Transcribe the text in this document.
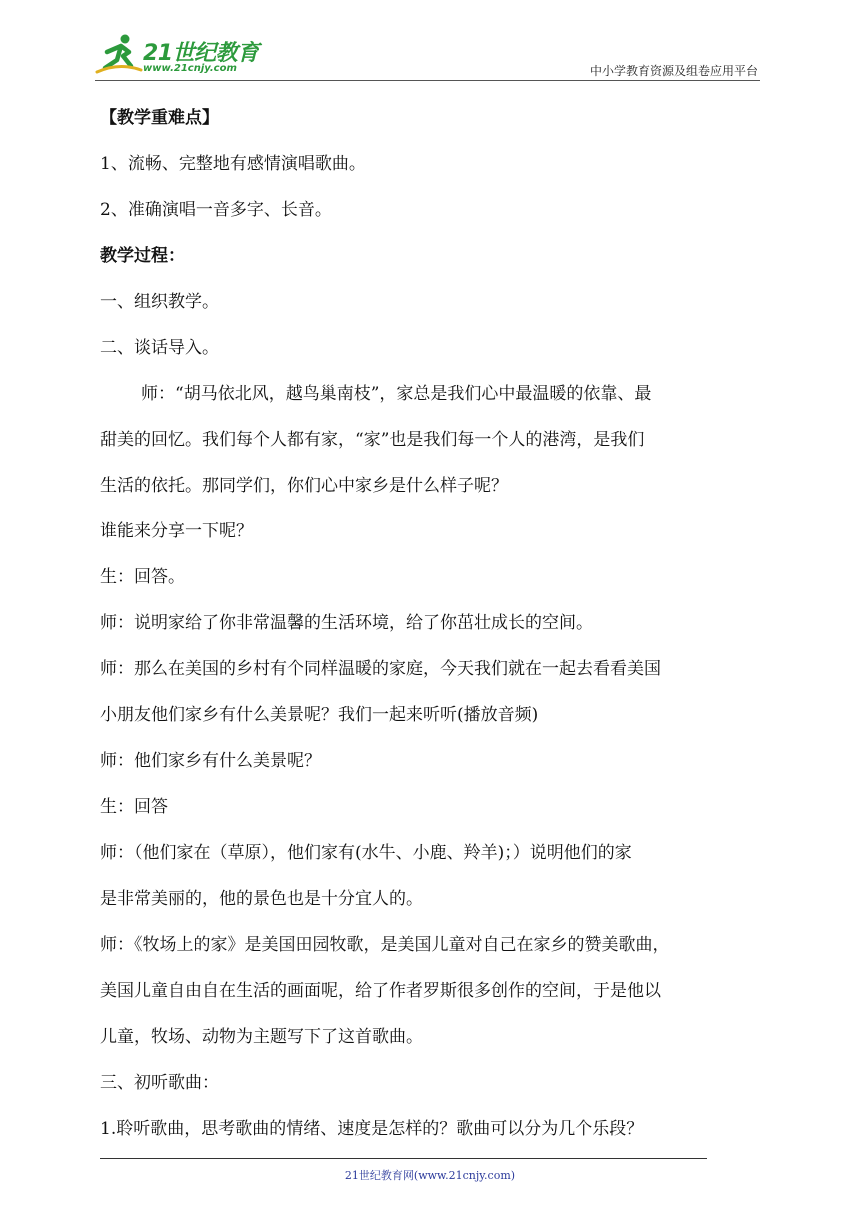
21世纪教育
www.21cnjy.com	中小学教育资源及组卷应用平台
【教学重难点】
1、流畅、完整地有感情演唱歌曲。
2、准确演唱一音多字、长音。
教学过程：
一、组织教学。
二、谈话导入。
师：“胡马依北风，越鸟巢南枝”，家总是我们心中最温暖的依靠、最
甜美的回忆。我们每个人都有家，“家”也是我们每一个人的港湾，是我们
生活的依托。那同学们，你们心中家乡是什么样子呢？
谁能来分享一下呢？
生：回答。
师：说明家给了你非常温馨的生活环境，给了你茁壮成长的空间。
师：那么在美国的乡村有个同样温暖的家庭，今天我们就在一起去看看美国
小朋友他们家乡有什么美景呢？我们一起来听听(播放音频)
师：他们家乡有什么美景呢？
生：回答
师：（他们家在（草原），他们家有(水牛、小鹿、羚羊)；）说明他们的家
是非常美丽的，他的景色也是十分宜人的。
师：《牧场上的家》是美国田园牧歌，是美国儿童对自己在家乡的赞美歌曲，
美国儿童自由自在生活的画面呢，给了作者罗斯很多创作的空间，于是他以
儿童，牧场、动物为主题写下了这首歌曲。
三、初听歌曲：
1.聆听歌曲，思考歌曲的情绪、速度是怎样的？歌曲可以分为几个乐段？
21世纪教育网(www.21cnjy.com)
